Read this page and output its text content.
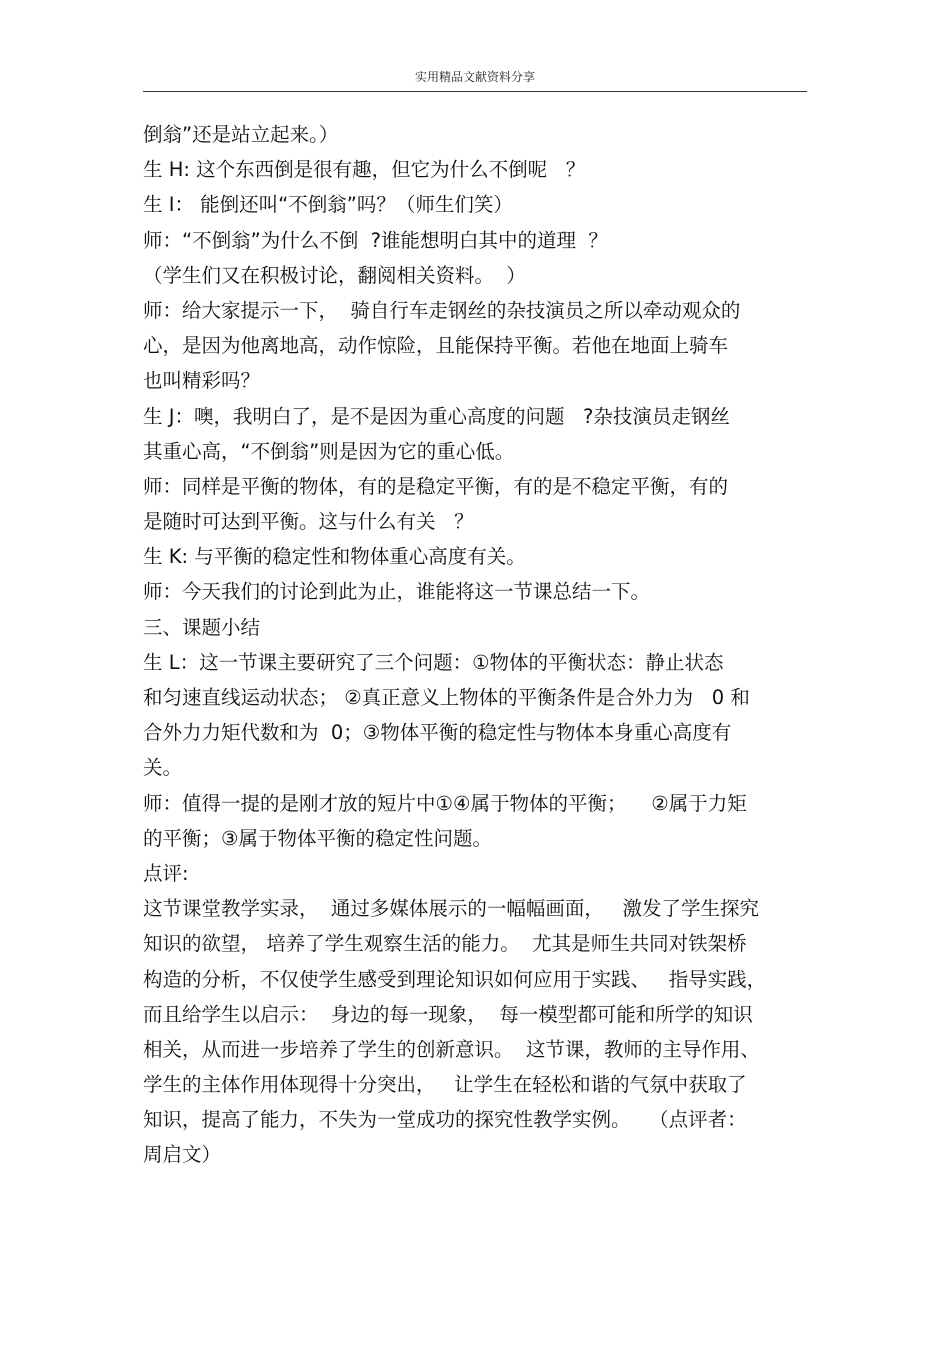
实用精品文献资料分享
倒翁”还是站立起来。）
生 H: 这个东西倒是很有趣，但它为什么不倒呢   ？
生 I： 能倒还叫“不倒翁”吗？（师生们笑）
师：“不倒翁”为什么不倒  ?谁能想明白其中的道理  ？
（学生们又在积极讨论，翻阅相关资料。  ）
师：给大家提示一下，  骑自行车走钢丝的杂技演员之所以牵动观众的
心，是因为他离地高，动作惊险，且能保持平衡。若他在地面上骑车
也叫精彩吗？
生 J：噢，我明白了，是不是因为重心高度的问题   ?杂技演员走钢丝
其重心高，“不倒翁”则是因为它的重心低。
师：同样是平衡的物体，有的是稳定平衡，有的是不稳定平衡，有的
是随时可达到平衡。这与什么有关   ？
生 K: 与平衡的稳定性和物体重心高度有关。
师：今天我们的讨论到此为止，谁能将这一节课总结一下。
三、课题小结
生 L：这一节课主要研究了三个问题：①物体的平衡状态：静止状态
和匀速直线运动状态； ②真正意义上物体的平衡条件是合外力为   0 和
合外力力矩代数和为  0；③物体平衡的稳定性与物体本身重心高度有
关。
师：值得一提的是刚才放的短片中①④属于物体的平衡；    ②属于力矩
的平衡；③属于物体平衡的稳定性问题。
点评:
这节课堂教学实录，  通过多媒体展示的一幅幅画面，   激发了学生探究
知识的欲望， 培养了学生观察生活的能力。  尤其是师生共同对铁架桥
构造的分析，不仅使学生感受到理论知识如何应用于实践、   指导实践，
而且给学生以启示：  身边的每一现象，  每一模型都可能和所学的知识
相关，从而进一步培养了学生的创新意识。  这节课，教师的主导作用、
学生的主体作用体现得十分突出，   让学生在轻松和谐的气氛中获取了
知识，提高了能力，不失为一堂成功的探究性教学实例。   （点评者：
周启文）
